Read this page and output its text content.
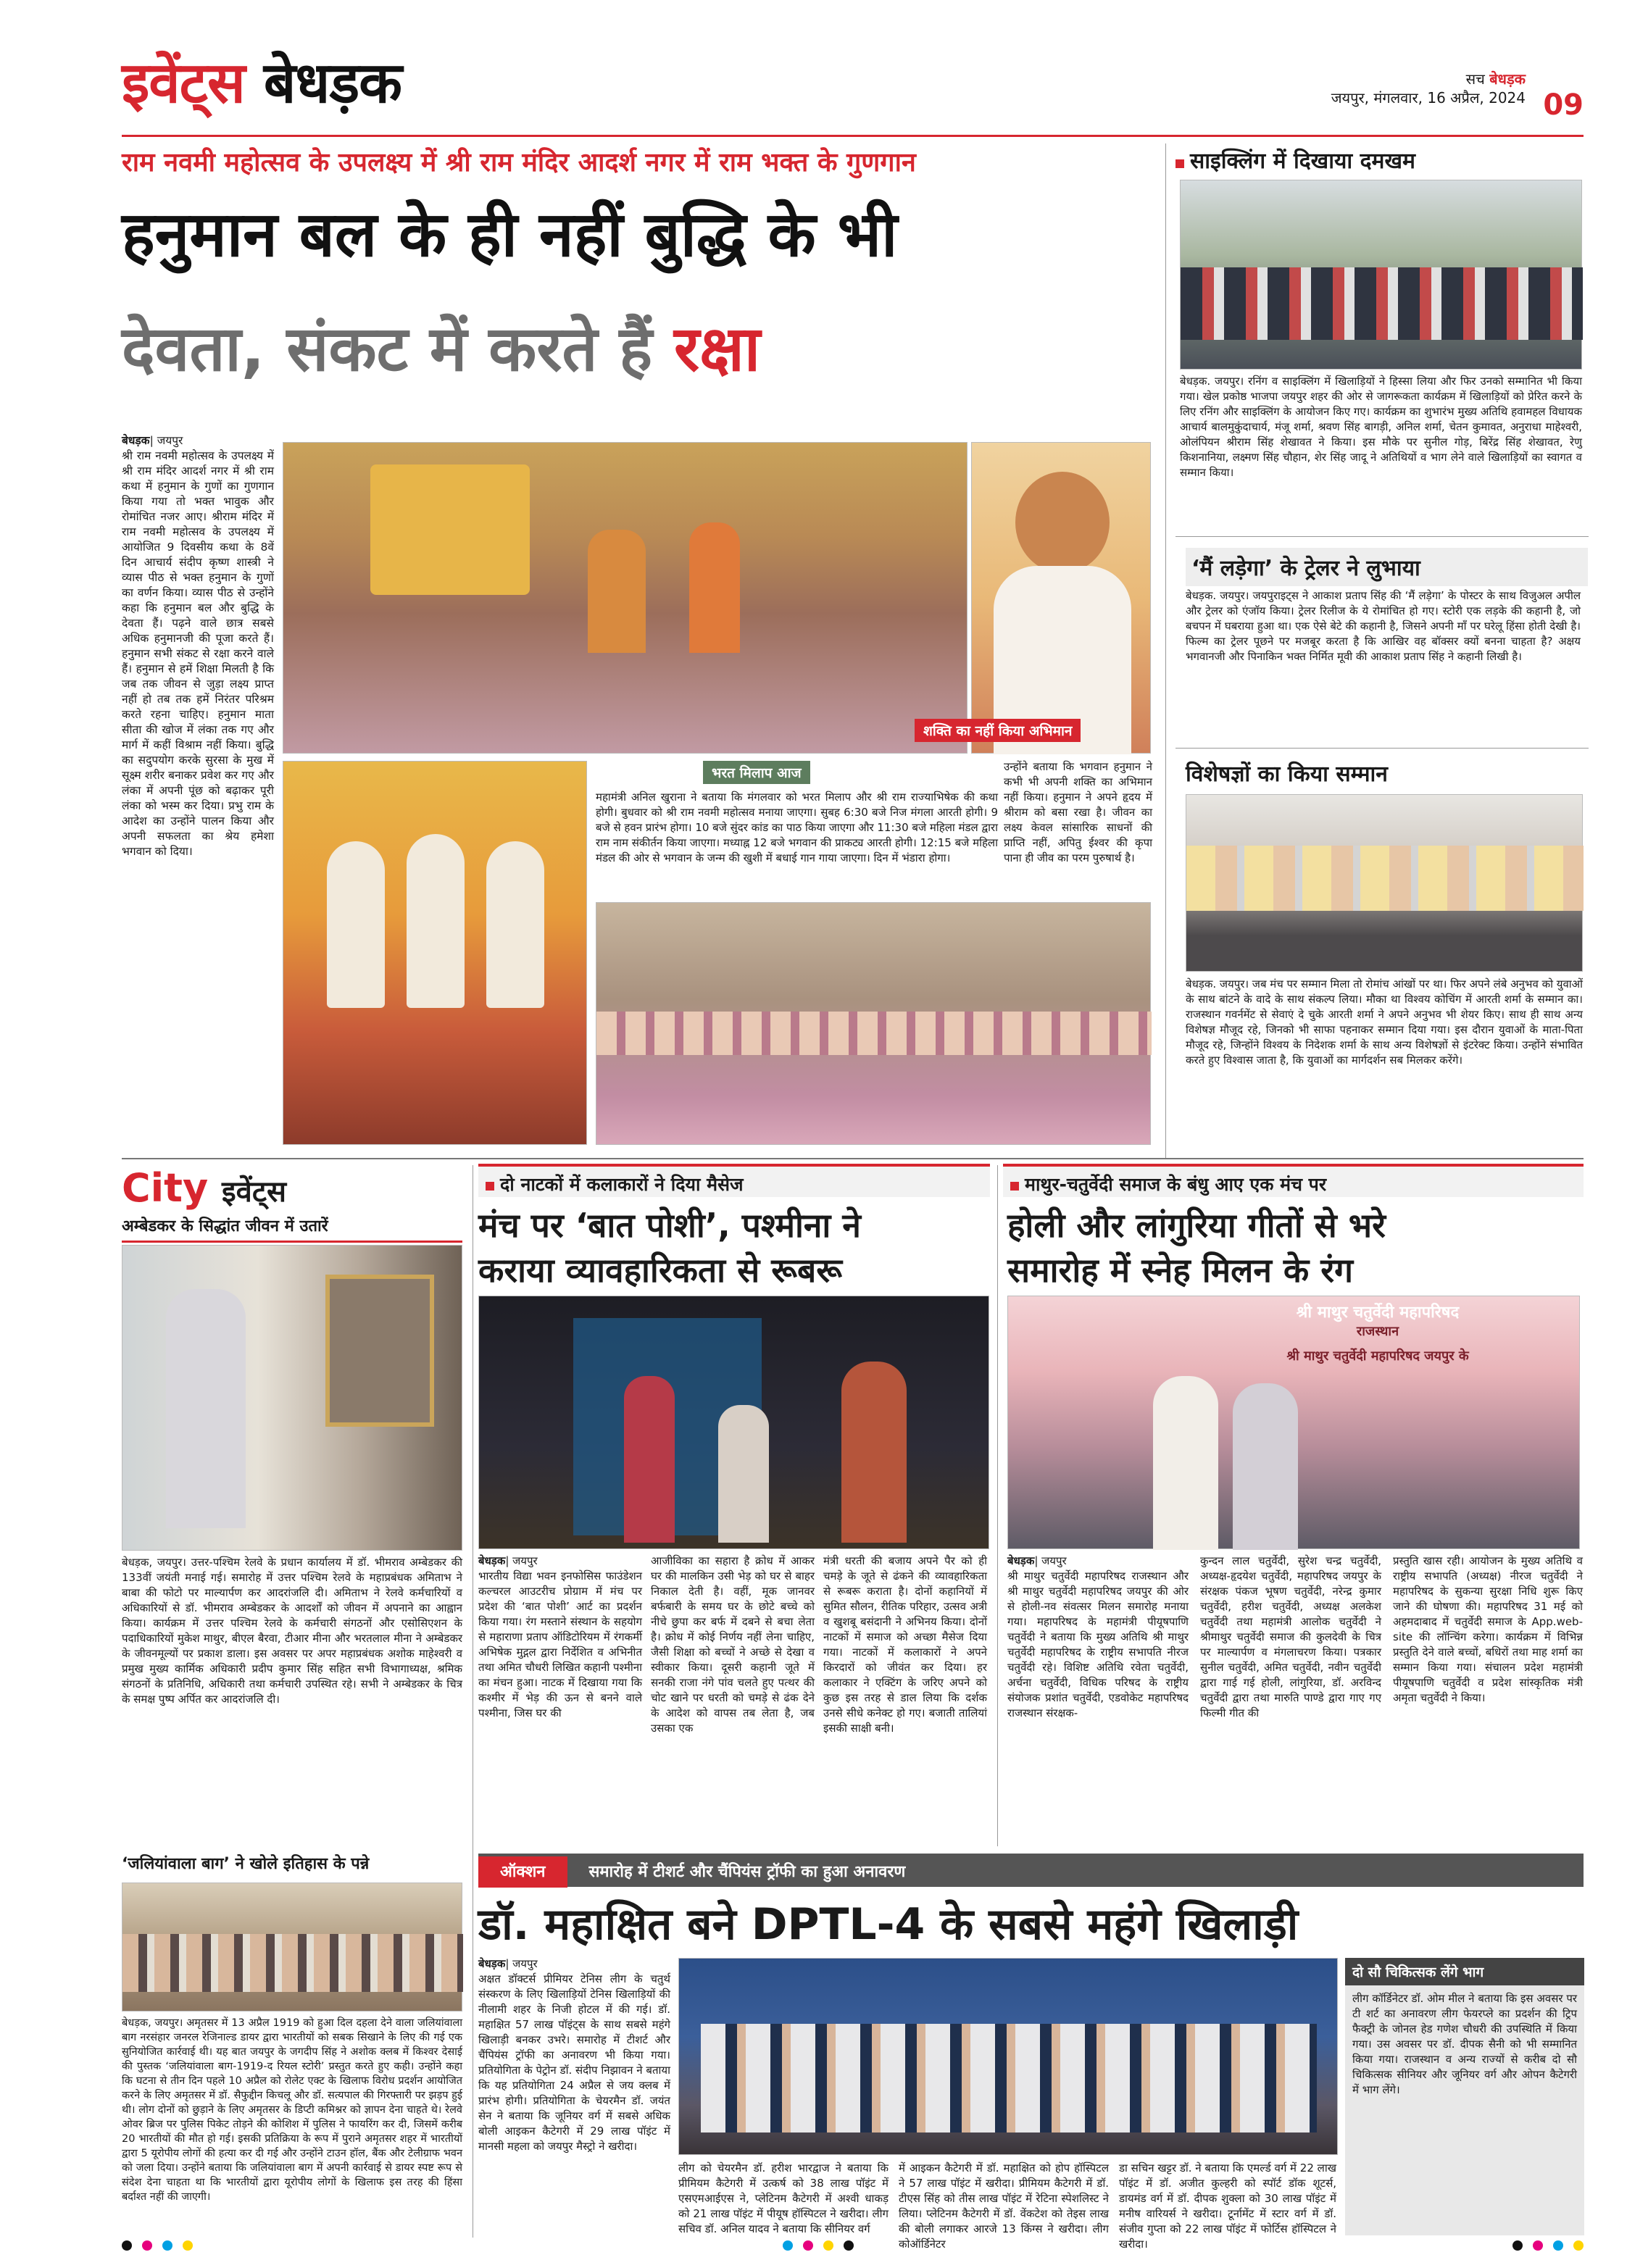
इवेंट्स बेधड़क	सच बेधड़क
जयपुर, मंगलवार, 16 अप्रैल, 2024 09
राम नवमी महोत्सव के उपलक्ष्य में श्री राम मंदिर आदर्श नगर में राम भक्त के गुणगान
हनुमान बल के ही नहीं बुद्धि के भी
देवता, संकट में करते हैं रक्षा
बेधड़क| जयपुर
श्री राम नवमी महोत्सव के उपलक्ष्य में श्री राम मंदिर आदर्श नगर में श्री राम कथा में हनुमान के गुणों का गुणगान किया गया तो भक्त भावुक और रोमांचित नजर आए। श्रीराम मंदिर में राम नवमी महोत्सव के उपलक्ष्य में आयोजित 9 दिवसीय कथा के 8वें दिन आचार्य संदीप कृष्ण शास्त्री ने व्यास पीठ से भक्त हनुमान के गुणों का वर्णन किया। व्यास पीठ से उन्होंने कहा कि हनुमान बल और बुद्धि के देवता हैं। पढ़ने वाले छात्र सबसे अधिक हनुमानजी की पूजा करते हैं। हनुमान सभी संकट से रक्षा करने वाले हैं। हनुमान से हमें शिक्षा मिलती है कि जब तक जीवन से जुड़ा लक्ष्य प्राप्त नहीं हो तब तक हमें निरंतर परिश्रम करते रहना चाहिए। हनुमान माता सीता की खोज में लंका तक गए और मार्ग में कहीं विश्राम नहीं किया। बुद्धि का सदुपयोग करके सुरसा के मुख में सूक्ष्म शरीर बनाकर प्रवेश कर गए और लंका में अपनी पूंछ को बढ़ाकर पूरी लंका को भस्म कर दिया। प्रभु राम के आदेश का उन्होंने पालन किया और अपनी सफलता का श्रेय हमेशा भगवान को दिया।
शक्ति का नहीं किया अभिमान
भरत मिलाप आज
महामंत्री अनिल खुराना ने बताया कि मंगलवार को भरत मिलाप और श्री राम राज्याभिषेक की कथा होगी। बुधवार को श्री राम नवमी महोत्सव मनाया जाएगा। सुबह 6:30 बजे निज मंगला आरती होगी। 9 बजे से हवन प्रारंभ होगा। 10 बजे सुंदर कांड का पाठ किया जाएगा और 11:30 बजे महिला मंडल द्वारा राम नाम संकीर्तन किया जाएगा। मध्याह्न 12 बजे भगवान की प्राकट्य आरती होगी। 12:15 बजे महिला मंडल की ओर से भगवान के जन्म की खुशी में बधाई गान गाया जाएगा। दिन में भंडारा होगा।
उन्होंने बताया कि भगवान हनुमान ने कभी भी अपनी शक्ति का अभिमान नहीं किया। हनुमान ने अपने हृदय में श्रीराम को बसा रखा है। जीवन का लक्ष्य केवल सांसारिक साधनों की प्राप्ति नहीं, अपितु ईश्वर की कृपा पाना ही जीव का परम पुरुषार्थ है।
साइक्लिंग में दिखाया दमखम
बेधड़क. जयपुर। रनिंग व साइक्लिंग में खिलाड़ियों ने हिस्सा लिया और फिर उनको सम्मानित भी किया गया। खेल प्रकोष्ठ भाजपा जयपुर शहर की ओर से जागरूकता कार्यक्रम में खिलाड़ियों को प्रेरित करने के लिए रनिंग और साइक्लिंग के आयोजन किए गए। कार्यक्रम का शुभारंभ मुख्य अतिथि हवामहल विधायक आचार्य बालमुकुंदाचार्य, मंजू शर्मा, श्रवण सिंह बागड़ी, अनिल शर्मा, चेतन कुमावत, अनुराधा माहेश्वरी, ओलंपियन श्रीराम सिंह शेखावत ने किया। इस मौके पर सुनील गोड़, बिरेंद्र सिंह शेखावत, रेणु किशनानिया, लक्ष्मण सिंह चौहान, शेर सिंह जादू ने अतिथियों व भाग लेने वाले खिलाड़ियों का स्वागत व सम्मान किया।
‘मैं लड़ेगा’ के ट्रेलर ने लुभाया
बेधड़क. जयपुर। जयपुराइट्स ने आकाश प्रताप सिंह की ‘मैं लड़ेगा’ के पोस्टर के साथ विजुअल अपील और ट्रेलर को एंजॉय किया। ट्रेलर रिलीज के ये रोमांचित हो गए। स्टोरी एक लड़के की कहानी है, जो बचपन में घबराया हुआ था। एक ऐसे बेटे की कहानी है, जिसने अपनी माँ पर घरेलू हिंसा होती देखी है। फिल्म का ट्रेलर पूछने पर मजबूर करता है कि आखिर वह बॉक्सर क्यों बनना चाहता है? अक्षय भगवानजी और पिनाकिन भक्त निर्मित मूवी की आकाश प्रताप सिंह ने कहानी लिखी है।
विशेषज्ञों का किया सम्मान
बेधड़क. जयपुर। जब मंच पर सम्मान मिला तो रोमांच आंखों पर था। फिर अपने लंबे अनुभव को युवाओं के साथ बांटने के वादे के साथ संकल्प लिया। मौका था विश्वय कोचिंग में आरती शर्मा के सम्मान का। राजस्थान गवर्नमेंट से सेवाएं दे चुके आरती शर्मा ने अपने अनुभव भी शेयर किए। साथ ही साथ अन्य विशेषज्ञ मौजूद रहे, जिनको भी साफा पहनाकर सम्मान दिया गया। इस दौरान युवाओं के माता-पिता मौजूद रहे, जिन्होंने विश्वय के निदेशक शर्मा के साथ अन्य विशेषज्ञों से इंटरेक्ट किया। उन्होंने संभावित करते हुए विश्वास जाता है, कि युवाओं का मार्गदर्शन सब मिलकर करेंगे।
City इवेंट्स
अम्बेडकर के सिद्धांत जीवन में उतारें
बेधड़क, जयपुर। उत्तर-पश्चिम रेलवे के प्रधान कार्यालय में डॉ. भीमराव अम्बेडकर की 133वीं जयंती मनाई गई। समारोह में उत्तर पश्चिम रेलवे के महाप्रबंधक अमिताभ ने बाबा की फोटो पर माल्यार्पण कर आदरांजलि दी। अमिताभ ने रेलवे कर्मचारियों व अधिकारियों से डॉ. भीमराव अम्बेडकर के आदर्शों को जीवन में अपनाने का आह्वान किया। कार्यक्रम में उत्तर पश्चिम रेलवे के कर्मचारी संगठनों और एसोसिएशन के पदाधिकारियों मुकेश माथुर, बीएल बैरवा, टीआर मीना और भरतलाल मीना ने अम्बेडकर के जीवनमूल्यों पर प्रकाश डाला। इस अवसर पर अपर महाप्रबंधक अशोक माहेश्वरी व प्रमुख मुख्य कार्मिक अधिकारी प्रदीप कुमार सिंह सहित सभी विभागाध्यक्ष, श्रमिक संगठनों के प्रतिनिधि, अधिकारी तथा कर्मचारी उपस्थित रहे। सभी ने अम्बेडकर के चित्र के समक्ष पुष्प अर्पित कर आदरांजलि दी।
‘जलियांवाला बाग’ ने खोले इतिहास के पन्ने
बेधड़क, जयपुर। अमृतसर में 13 अप्रैल 1919 को हुआ दिल दहला देने वाला जलियांवाला बाग नरसंहार जनरल रेजिनाल्ड डायर द्वारा भारतीयों को सबक सिखाने के लिए की गई एक सुनियोजित कार्रवाई थी। यह बात जयपुर के जगदीप सिंह ने अशोक क्लब में किश्वर देसाई की पुस्तक ‘जलियांवाला बाग-1919-द रियल स्टोरी’ प्रस्तुत करते हुए कही। उन्होंने कहा कि घटना से तीन दिन पहले 10 अप्रैल को रोलेट एक्ट के खिलाफ विरोध प्रदर्शन आयोजित करने के लिए अमृतसर में डॉ. सैफुद्दीन किचलू और डॉ. सत्यपाल की गिरफ्तारी पर झड़प हुई थी। लोग दोनों को छुड़ाने के लिए अमृतसर के डिप्टी कमिश्नर को ज्ञापन देना चाहते थे। रेलवे ओवर ब्रिज पर पुलिस पिकेट तोड़ने की कोशिश में पुलिस ने फायरिंग कर दी, जिसमें करीब 20 भारतीयों की मौत हो गई। इसकी प्रतिक्रिया के रूप में पुराने अमृतसर शहर में भारतीयों द्वारा 5 यूरोपीय लोगों की हत्या कर दी गई और उन्होंने टाउन हॉल, बैंक और टेलीग्राफ भवन को जला दिया। उन्होंने बताया कि जलियांवाला बाग में अपनी कार्रवाई से डायर स्पष्ट रूप से संदेश देना चाहता था कि भारतीयों द्वारा यूरोपीय लोगों के खिलाफ इस तरह की हिंसा बर्दाश्त नहीं की जाएगी।
दो नाटकों में कलाकारों ने दिया मैसेज
मंच पर ‘बात पोशी’, पश्मीना ने
कराया व्यावहारिकता से रूबरू
बेधड़क| जयपुर
भारतीय विद्या भवन इनफोसिस फाउंडेशन कल्चरल आउटरीच प्रोग्राम में मंच पर प्रदेश की ‘बात पोशी’ आर्ट का प्रदर्शन किया गया। रंग मस्ताने संस्थान के सहयोग से महाराणा प्रताप ऑडिटोरियम में रंगकर्मी अभिषेक मुद्गल द्वारा निर्देशित व अभिनीत तथा अमित चौधरी लिखित कहानी पश्मीना का मंचन हुआ। नाटक में दिखाया गया कि कश्मीर में भेड़ की ऊन से बनने वाले पश्मीना, जिस घर की
आजीविका का सहारा है क्रोध में आकर घर की मालकिन उसी भेड़ को घर से बाहर निकाल देती है। वहीं, मूक जानवर बर्फबारी के समय घर के छोटे बच्चे को नीचे छुपा कर बर्फ में दबने से बचा लेता है। क्रोध में कोई निर्णय नहीं लेना चाहिए, जैसी शिक्षा को बच्चों ने अच्छे से देखा व स्वीकार किया। दूसरी कहानी जूते में सनकी राजा नंगे पांव चलते हुए पत्थर की चोट खाने पर धरती को चमड़े से ढंक देने के आदेश को वापस तब लेता है, जब उसका एक
मंत्री धरती की बजाय अपने पैर को ही चमड़े के जूते से ढंकने की व्यावहारिकता से रूबरू कराता है। दोनों कहानियों में सुमित सौलन, रीतिक परिहार, उत्सव अत्री व खुशबू बसंदानी ने अभिनय किया। दोनों नाटकों में समाज को अच्छा मैसेज दिया गया। नाटकों में कलाकारों ने अपने किरदारों को जीवंत कर दिया। हर कलाकार ने एक्टिंग के जरिए अपने को कुछ इस तरह से डाल लिया कि दर्शक उनसे सीधे कनेक्ट हो गए। बजाती तालियां इसकी साक्षी बनी।
माथुर-चतुर्वेदी समाज के बंधु आए एक मंच पर
होली और लांगुरिया गीतों से भरे
समारोह में स्नेह मिलन के रंग
श्री माथुर चतुर्वेदी महापरिषद
राजस्थान
श्री माथुर चतुर्वेदी महापरिषद जयपुर के
बेधड़क| जयपुर
श्री माथुर चतुर्वेदी महापरिषद राजस्थान और श्री माथुर चतुर्वेदी महापरिषद जयपुर की ओर से होली-नव संवत्सर मिलन समारोह मनाया गया। महापरिषद के महामंत्री पीयूषपाणि चतुर्वेदी ने बताया कि मुख्य अतिथि श्री माथुर चतुर्वेदी महापरिषद के राष्ट्रीय सभापति नीरज चतुर्वेदी रहे। विशिष्ट अतिथि रवेता चतुर्वेदी, अर्चना चतुर्वेदी, विधिक परिषद के राष्ट्रीय संयोजक प्रशांत चतुर्वेदी, एडवोकेट महापरिषद राजस्थान संरक्षक-
कुन्दन लाल चतुर्वेदी, सुरेश चन्द्र चतुर्वेदी, अध्यक्ष-हृदयेश चतुर्वेदी, महापरिषद जयपुर के संरक्षक पंकज भूषण चतुर्वेदी, नरेन्द्र कुमार चतुर्वेदी, हरीश चतुर्वेदी, अध्यक्ष अलकेश चतुर्वेदी तथा महामंत्री आलोक चतुर्वेदी ने श्रीमाथुर चतुर्वेदी समाज की कुलदेवी के चित्र पर माल्यार्पण व मंगलाचरण किया। पत्रकार सुनील चतुर्वेदी, अमित चतुर्वेदी, नवीन चतुर्वेदी द्वारा गाई गई होली, लांगुरिया, डॉ. अरविन्द चतुर्वेदी द्वारा तथा मारुति पाण्डे द्वारा गाए गए फिल्मी गीत की
प्रस्तुति खास रही। आयोजन के मुख्य अतिथि व राष्ट्रीय सभापति (अध्यक्ष) नीरज चतुर्वेदी ने महापरिषद के सुकन्या सुरक्षा निधि शुरू किए जाने की घोषणा की। महापरिषद 31 मई को अहमदाबाद में चतुर्वेदी समाज के App.web-site की लॉन्चिंग करेगा। कार्यक्रम में विभिन्न प्रस्तुति देने वाले बच्चों, बधिरों तथा माह शर्मा का सम्मान किया गया। संचालन प्रदेश महामंत्री पीयूषपाणि चतुर्वेदी व प्रदेश सांस्कृतिक मंत्री अमृता चतुर्वेदी ने किया।
ऑक्शन	समारोह में टीशर्ट और चैंपियंस ट्रॉफी का हुआ अनावरण
डॉ. महाक्षित बने DPTL-4 के सबसे महंगे खिलाड़ी
बेधड़क| जयपुर
अक्षत डॉक्टर्स प्रीमियर टेनिस लीग के चतुर्थ संस्करण के लिए खिलाड़ियों टेनिस खिलाड़ियों की नीलामी शहर के निजी होटल में की गई। डॉ. महाक्षित 57 लाख पॉइंट्स के साथ सबसे महंगे खिलाड़ी बनकर उभरे। समारोह में टीशर्ट और चैंपियंस ट्रॉफी का अनावरण भी किया गया। प्रतियोगिता के पेट्रोन डॉ. संदीप निझावन ने बताया कि यह प्रतियोगिता 24 अप्रैल से जय क्लब में प्रारंभ होगी। प्रतियोगिता के चेयरमैन डॉ. जयंत सेन ने बताया कि जूनियर वर्ग में सबसे अधिक बोली आइकन कैटेगरी में 29 लाख पॉइंट में मानसी महला को जयपुर मैस्ट्रो ने खरीदा।
लीग को चेयरमैन डॉ. हरीश भारद्वाज ने बताया कि प्रीमियम कैटेगरी में उत्कर्ष को 38 लाख पॉइंट में एसएमआईएस ने, प्लेटिनम कैटेगरी में अश्वी धाकड़ को 21 लाख पॉइंट में पीयूष हॉस्पिटल ने खरीदा। लीग सचिव डॉ. अनिल यादव ने बताया कि सीनियर वर्ग
में आइकन कैटेगरी में डॉ. महाक्षित को होप हॉस्पिटल ने 57 लाख पॉइंट में खरीदा। प्रीमियम कैटेगरी में डॉ. टीएस सिंह को तीस लाख पॉइंट में रेटिना स्पेशलिस्ट ने लिया। प्लेटिनम कैटेगरी में डॉ. वेंकटेश को तेइस लाख की बोली लगाकर आरजे 13 किंग्स ने खरीदा। लीग कोऑर्डिनेटर
डा सचिन खट्टर डॉ. ने बताया कि एमर्ल्ड वर्ग में 22 लाख पॉइंट में डॉ. अजीत कुल्हरी को स्पॉर्ट डॉक शूटर्स, डायमंड वर्ग में डॉ. दीपक शुक्ला को 30 लाख पॉइंट में मनीष वारियर्स ने खरीदा। टूर्नामेंट में स्टार वर्ग में डॉ. संजीव गुप्ता को 22 लाख पॉइंट में फोर्टिस हॉस्पिटल ने खरीदा।
दो सौ चिकित्सक लेंगे भाग
लीग कॉर्डिनेटर डॉ. ओम मील ने बताया कि इस अवसर पर टी शर्ट का अनावरण लीग फेयरप्ले का प्रदर्शन की ट्रिप फैक्ट्री के जोनल हेड गणेश चौधरी की उपस्थिति में किया गया। उस अवसर पर डॉ. दीपक सैनी को भी सम्मानित किया गया। राजस्थान व अन्य राज्यों से करीब दो सौ चिकित्सक सीनियर और जूनियर वर्ग और ओपन कैटेगरी में भाग लेंगे।
